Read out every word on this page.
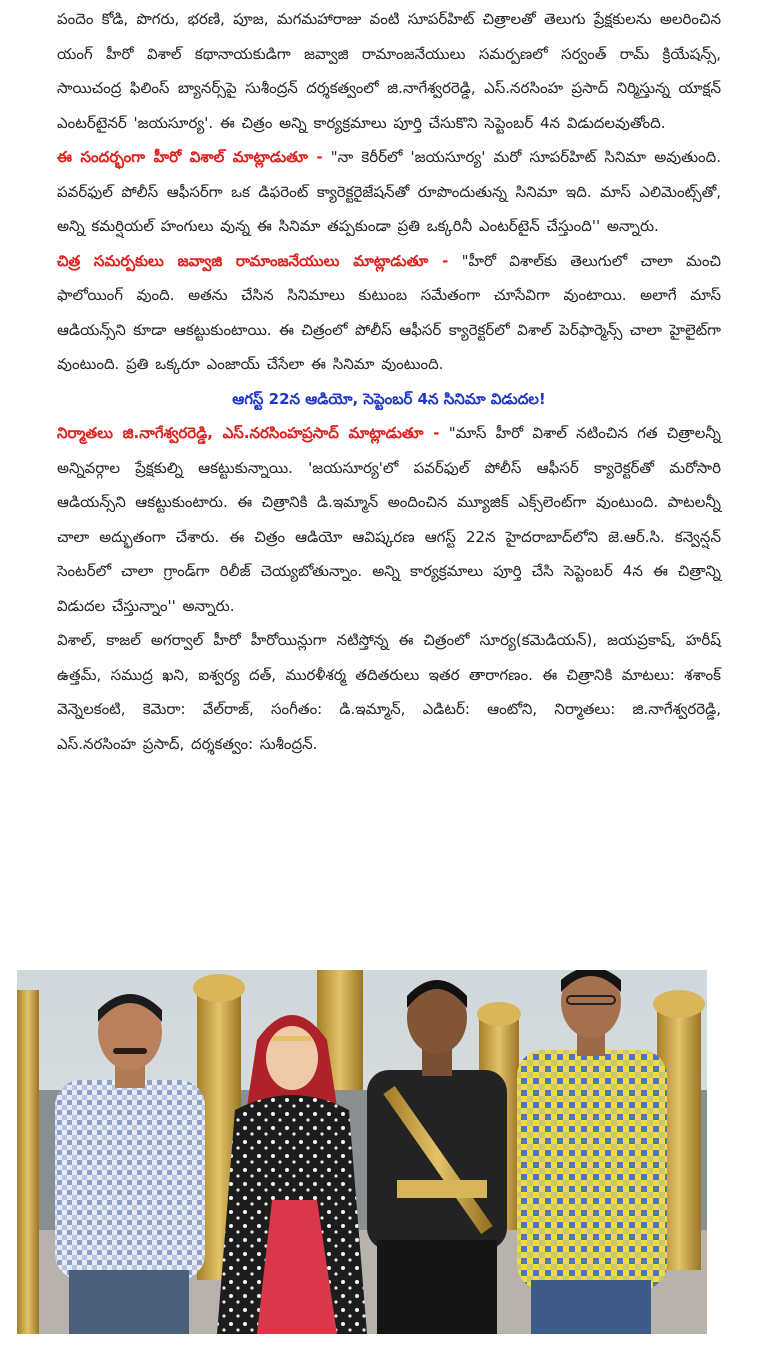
పందెం కోడి, పొగరు, భరణి, పూజ, మగమహారాజు వంటి సూపర్‌హిట్ చిత్రాలతో తెలుగు ప్రేక్షకులను అలరించిన యంగ్ హీరో విశాల్ కథానాయకుడిగా జవ్వాజి రామాంజనేయులు సమర్పణలో సర్వంత్ రామ్ క్రియేషన్స్, సాయిచంద్ర ఫిలింస్ బ్యానర్స్‌పై సుశీంద్రన్ దర్శకత్వంలో జి.నాగేశ్వరరెడ్డి, ఎస్.నరసింహ ప్రసాద్ నిర్మిస్తున్న యాక్షన్ ఎంటర్‌టైనర్ 'జయసూర్య'. ఈ చిత్రం అన్ని కార్యక్రమాలు పూర్తి చేసుకొని సెప్టెంబర్ 4న విడుదలవుతోంది.

ఈ సందర్భంగా హీరో విశాల్ మాట్లాడుతూ - "నా కెరీర్‌లో 'జయసూర్య' మరో సూపర్‌హిట్ సినిమా అవుతుంది. పవర్‌ఫుల్ పోలీస్ ఆఫీసర్‌గా ఒక డిఫరెంట్ క్యారెక్టరైజేషన్‌తో రూపొందుతున్న సినిమా ఇది. మాస్ ఎలిమెంట్స్‌తో, అన్ని కమర్షియల్ హంగులు వున్న ఈ సినిమా తప్పకుండా ప్రతి ఒక్కరినీ ఎంటర్‌టైన్ చేస్తుంది'' అన్నారు.

చిత్ర సమర్పకులు జవ్వాజి రామాంజనేయులు మాట్లాడుతూ - "హీరో విశాల్‌కు తెలుగులో చాలా మంచి ఫాలోయింగ్ వుంది. అతను చేసిన సినిమాలు కుటుంబ సమేతంగా చూసేవిగా వుంటాయి. అలాగే మాస్ ఆడియన్స్‌ని కూడా ఆకట్టుకుంటాయి. ఈ చిత్రంలో పోలీస్ ఆఫీసర్ క్యారెక్టర్‌లో విశాల్ పెర్‌ఫార్మెన్స్ చాలా హైలైట్‌గా వుంటుంది. ప్రతి ఒక్కరూ ఎంజాయ్ చేసేలా ఈ సినిమా వుంటుంది.

ఆగస్ట్ 22న ఆడియో, సెప్టెంబర్ 4న సినిమా విడుదల!

నిర్మాతలు జి.నాగేశ్వరరెడ్డి, ఎస్.నరసింహప్రసాద్ మాట్లాడుతూ - "మాస్ హీరో విశాల్ నటించిన గత చిత్రాలన్నీ అన్నివర్గాల ప్రేక్షకుల్ని ఆకట్టుకున్నాయి. 'జయసూర్య'లో పవర్‌ఫుల్ పోలీస్ ఆఫీసర్ క్యారెక్టర్‌తో మరోసారి ఆడియన్స్‌ని ఆకట్టుకుంటారు. ఈ చిత్రానికి డి.ఇమ్మాన్ అందించిన మ్యూజిక్ ఎక్స్‌లెంట్‌గా వుంటుంది. పాటలన్నీ చాలా అద్భుతంగా చేశారు. ఈ చిత్రం ఆడియో ఆవిష్కరణ ఆగస్ట్ 22న హైదరాబాద్‌లోని జె.ఆర్.సి. కన్వెన్షన్ సెంటర్‌లో చాలా గ్రాండ్‌గా రిలీజ్ చెయ్యబోతున్నాం. అన్ని కార్యక్రమాలు పూర్తి చేసి సెప్టెంబర్ 4న ఈ చిత్రాన్ని విడుదల చేస్తున్నాం'' అన్నారు.

విశాల్, కాజల్ అగర్వాల్ హీరో హీరోయిన్లుగా నటిస్తోన్న ఈ చిత్రంలో సూర్య(కమెడియన్), జయప్రకాష్, హరీష్ ఉత్తమ్, సముద్ర ఖని, ఐశ్వర్య దత్, మురళీశర్మ తదితరులు ఇతర తారాగణం. ఈ చిత్రానికి మాటలు: శశాంక్ వెన్నెలకంటి, కెమెరా: వేల్‌రాజ్, సంగీతం: డి.ఇమ్మాన్, ఎడిటర్: ఆంటోని, నిర్మాతలు: జి.నాగేశ్వరరెడ్డి, ఎస్.నరసింహ ప్రసాద్, దర్శకత్వం: సుశీంద్రన్.
